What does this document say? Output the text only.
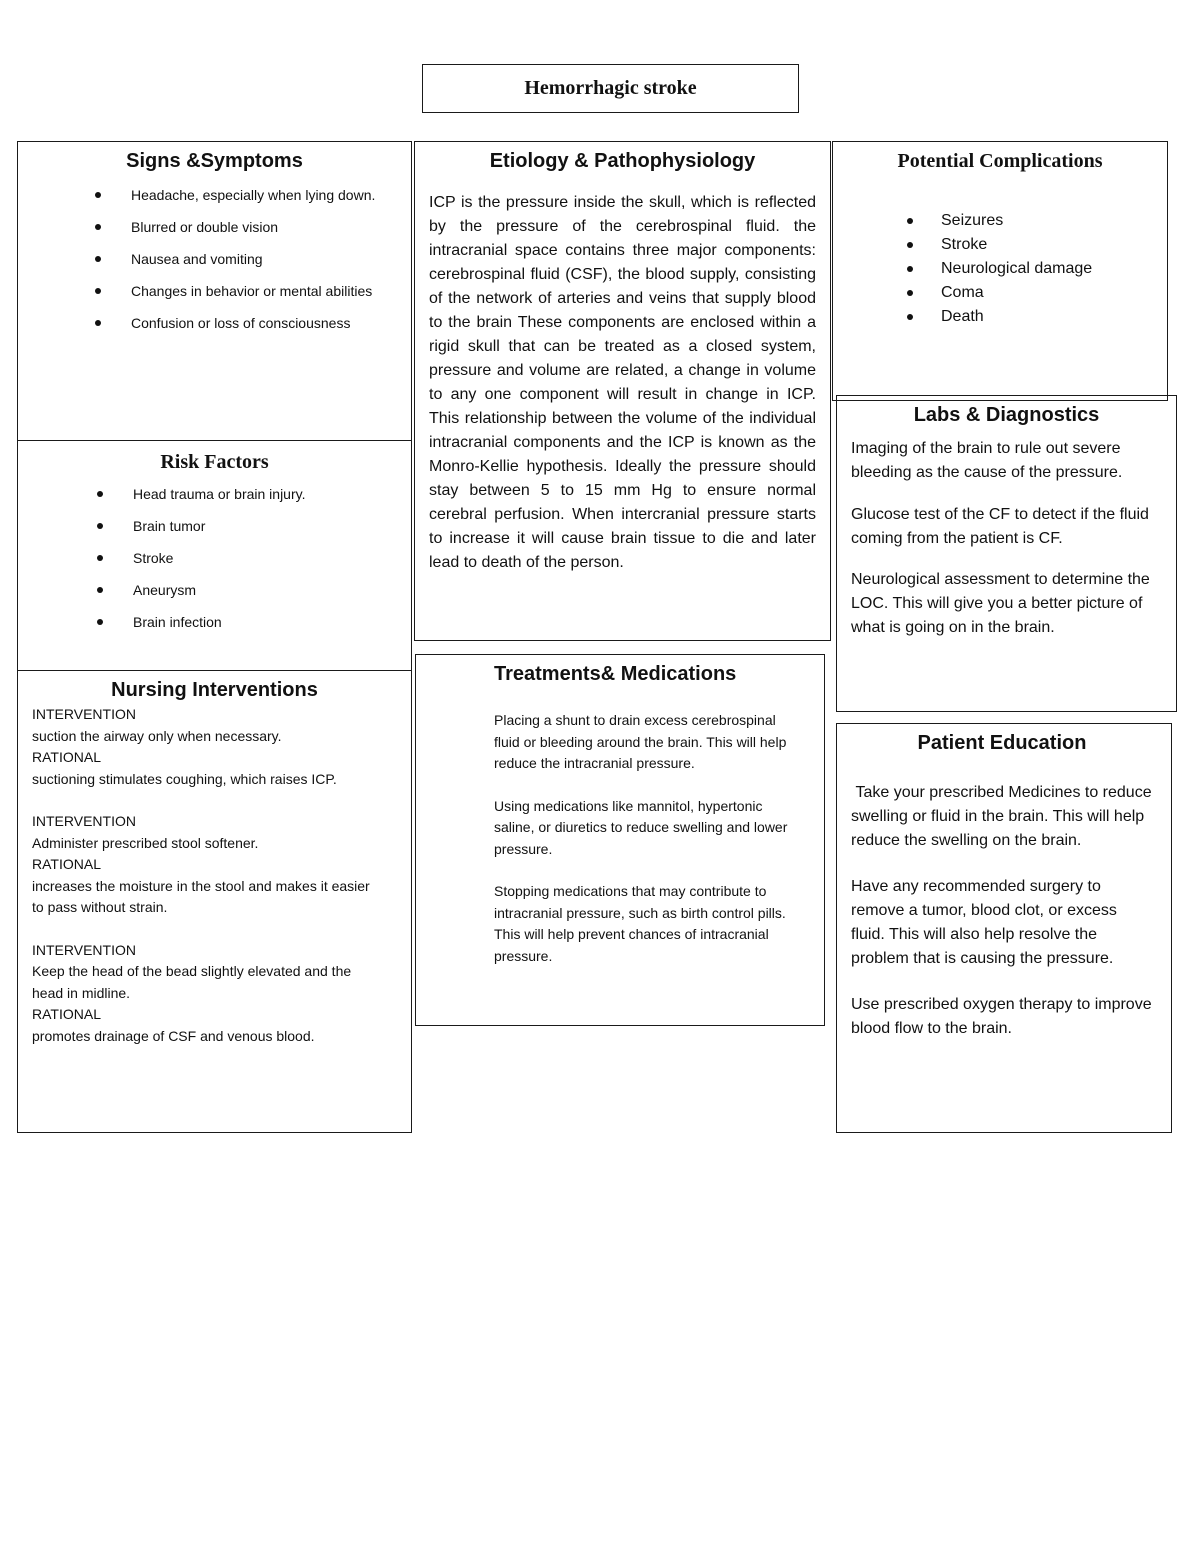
Hemorrhagic stroke
Signs &Symptoms
Headache, especially when lying down.
Blurred or double vision
Nausea and vomiting
Changes in behavior or mental abilities
Confusion or loss of consciousness
Etiology & Pathophysiology

ICP is the pressure inside the skull, which is reflected by the pressure of the cerebrospinal fluid. the intracranial space contains three major components: cerebrospinal fluid (CSF), the blood supply, consisting of the network of arteries and veins that supply blood to the brain These components are enclosed within a rigid skull that can be treated as a closed system, pressure and volume are related, a change in volume to any one component will result in change in ICP. This relationship between the volume of the individual intracranial components and the ICP is known as the Monro-Kellie hypothesis. Ideally the pressure should stay between 5 to 15 mm Hg to ensure normal cerebral perfusion. When intercranial pressure starts to increase it will cause brain tissue to die and later lead to death of the person.

Potential Complications
Seizures
Stroke
Neurological damage
Coma
Death
Risk Factors
Head trauma or brain injury.
Brain tumor
Stroke
Aneurysm
Brain infection
Labs & Diagnostics

Imaging of the brain to rule out severe bleeding as the cause of the pressure.

Glucose test of the CF to detect if the fluid coming from the patient is CF.

Neurological assessment to determine the LOC. This will give you a better picture of what is going on in the brain.

Nursing Interventions

INTERVENTION

suction the airway only when necessary.

RATIONAL

suctioning stimulates coughing, which raises ICP.

INTERVENTION

Administer prescribed stool softener.

RATIONAL

increases the moisture in the stool and makes it easier to pass without strain.

INTERVENTION

Keep the head of the bead slightly elevated and the head in midline.

RATIONAL

promotes drainage of CSF and venous blood.

Treatments& Medications

Placing a shunt to drain excess cerebrospinal fluid or bleeding around the brain. This will help reduce the intracranial pressure.

Using medications like mannitol, hypertonic saline, or diuretics to reduce swelling and lower pressure.

Stopping medications that may contribute to intracranial pressure, such as birth control pills. This will help prevent chances of intracranial pressure.

Patient Education

Take your prescribed Medicines to reduce swelling or fluid in the brain. This will help reduce the swelling on the brain.

Have any recommended surgery to remove a tumor, blood clot, or excess fluid. This will also help resolve the problem that is causing the pressure.

Use prescribed oxygen therapy to improve blood flow to the brain.
